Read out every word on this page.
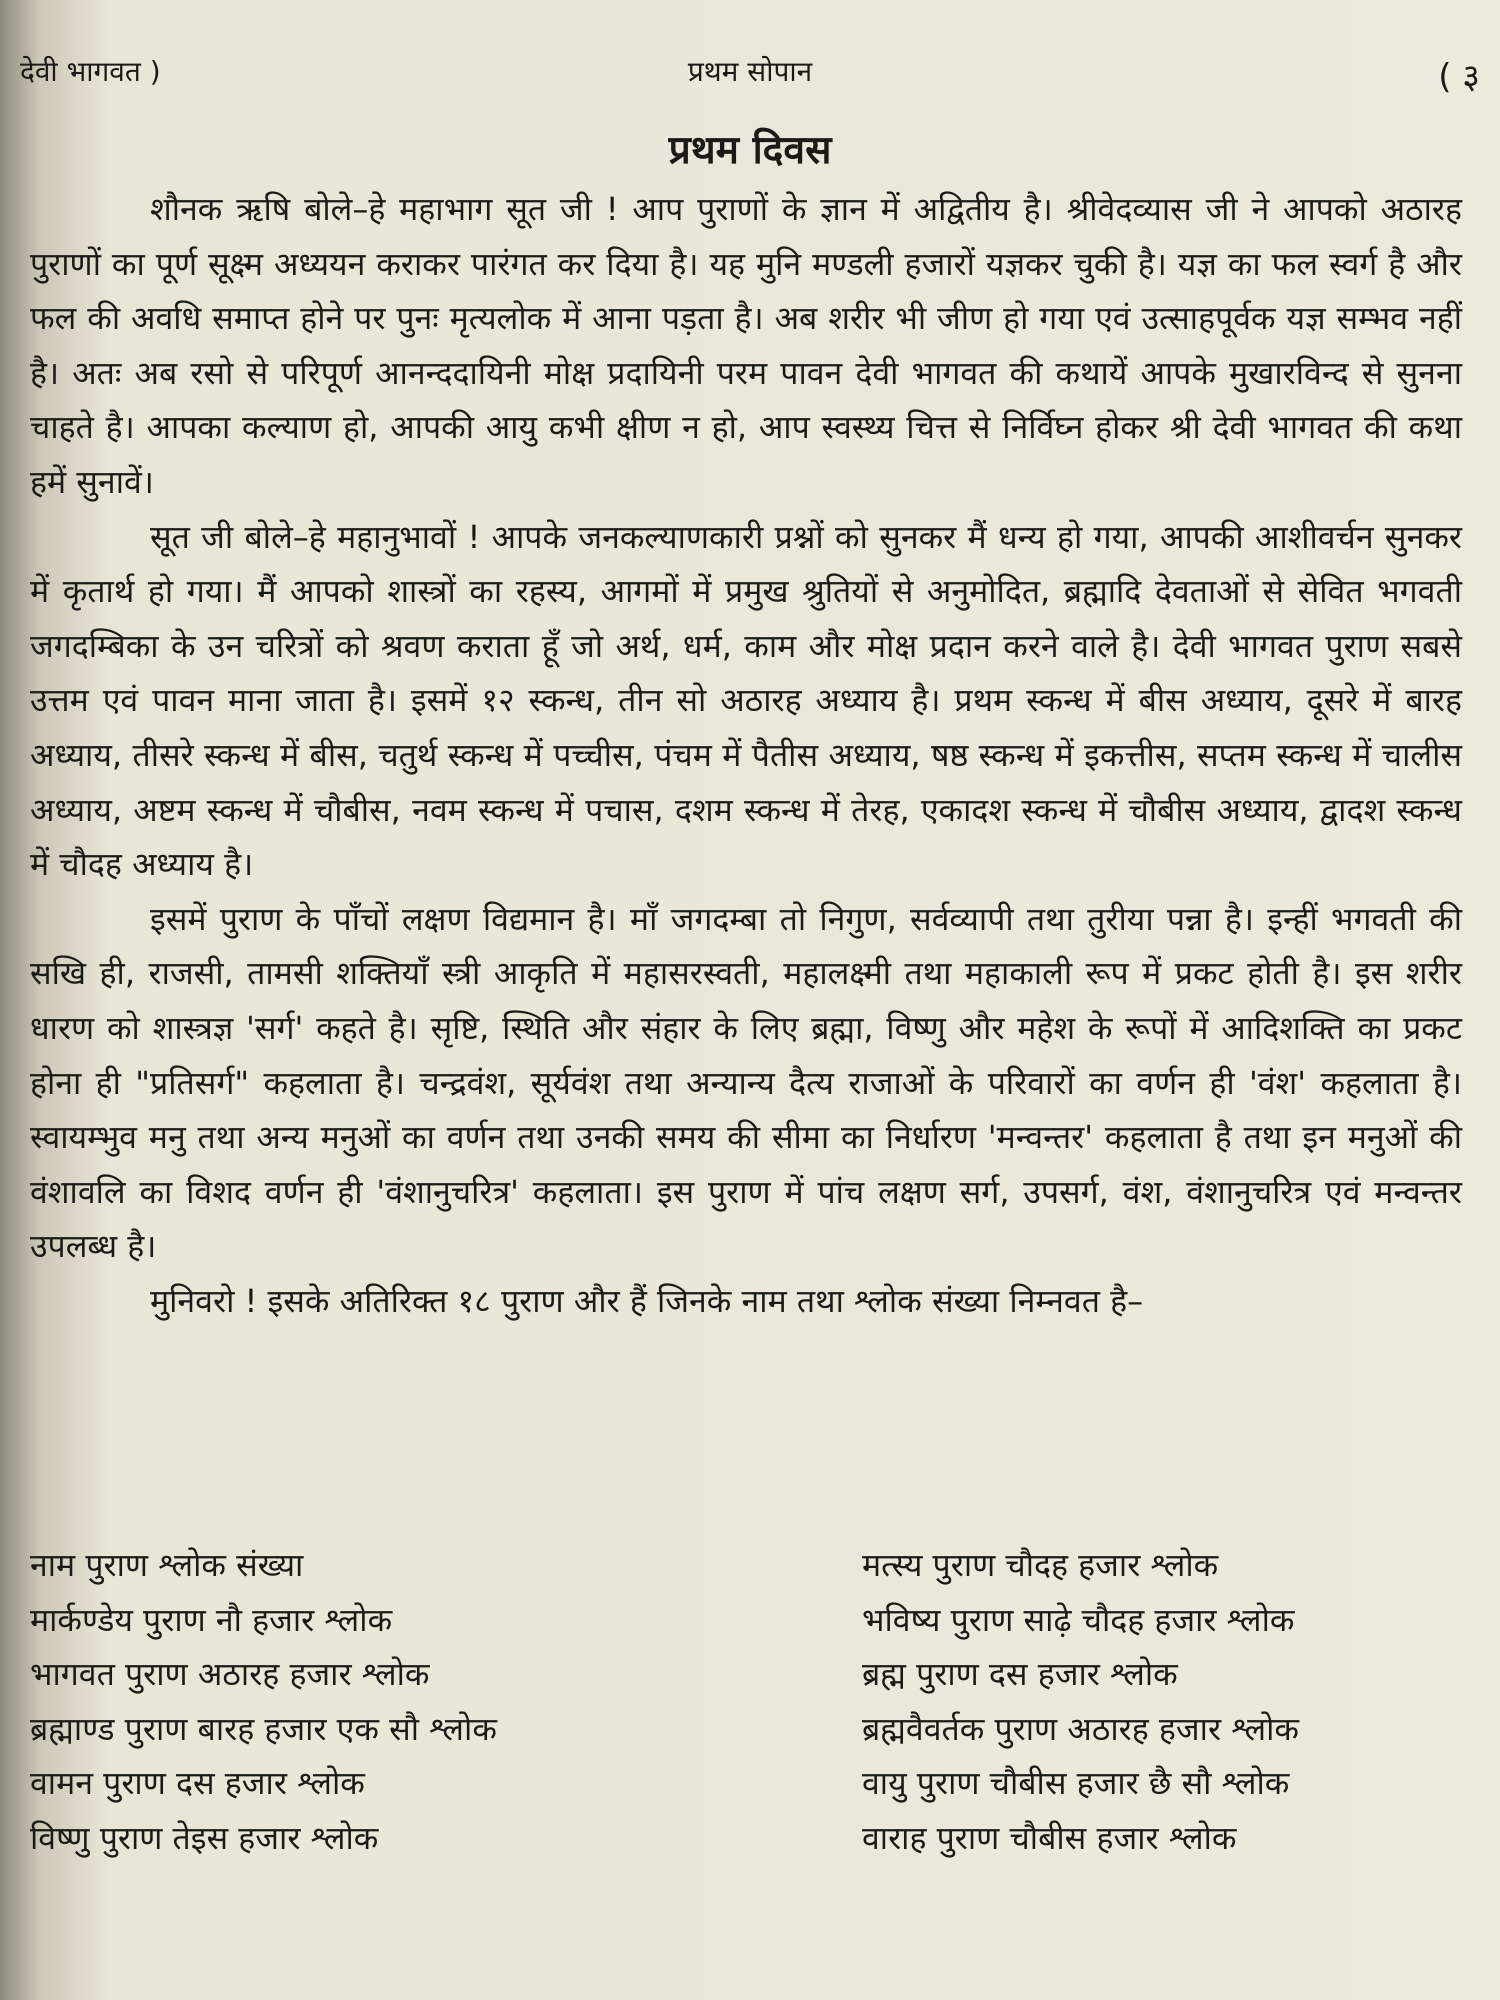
देवी भागवत )	प्रथम सोपान	( ३
प्रथम दिवस

शौनक ऋषि बोले–हे महाभाग सूत जी ! आप पुराणों के ज्ञान में अद्वितीय है। श्रीवेदव्यास जी ने आपको अठारह पुराणों का पूर्ण सूक्ष्म अध्ययन कराकर पारंगत कर दिया है। यह मुनि मण्डली हजारों यज्ञकर चुकी है। यज्ञ का फल स्वर्ग है और फल की अवधि समाप्त होने पर पुनः मृत्यलोक में आना पड़ता है। अब शरीर भी जीण हो गया एवं उत्साहपूर्वक यज्ञ सम्भव नहीं है। अतः अब रसो से परिपूर्ण आनन्ददायिनी मोक्ष प्रदायिनी परम पावन देवी भागवत की कथायें आपके मुखारविन्द से सुनना चाहते है। आपका कल्याण हो, आपकी आयु कभी क्षीण न हो, आप स्वस्थ्य चित्त से निर्विघ्न होकर श्री देवी भागवत की कथा हमें सुनावें।

सूत जी बोले–हे महानुभावों ! आपके जनकल्याणकारी प्रश्नों को सुनकर मैं धन्य हो गया, आपकी आशीवर्चन सुनकर में कृतार्थ हो गया। मैं आपको शास्त्रों का रहस्य, आगमों में प्रमुख श्रुतियों से अनुमोदित, ब्रह्मादि देवताओं से सेवित भगवती जगदम्बिका के उन चरित्रों को श्रवण कराता हूँ जो अर्थ, धर्म, काम और मोक्ष प्रदान करने वाले है। देवी भागवत पुराण सबसे उत्तम एवं पावन माना जाता है। इसमें १२ स्कन्ध, तीन सो अठारह अध्याय है। प्रथम स्कन्ध में बीस अध्याय, दूसरे में बारह अध्याय, तीसरे स्कन्ध में बीस, चतुर्थ स्कन्ध में पच्चीस, पंचम में पैतीस अध्याय, षष्ठ स्कन्ध में इकत्तीस, सप्तम स्कन्ध में चालीस अध्याय, अष्टम स्कन्ध में चौबीस, नवम स्कन्ध में पचास, दशम स्कन्ध में तेरह, एकादश स्कन्ध में चौबीस अध्याय, द्वादश स्कन्ध में चौदह अध्याय है।

इसमें पुराण के पाँचों लक्षण विद्यमान है। माँ जगदम्बा तो निगुण, सर्वव्यापी तथा तुरीया पन्ना है। इन्हीं भगवती की सखि ही, राजसी, तामसी शक्तियाँ स्त्री आकृति में महासरस्वती, महालक्ष्मी तथा महाकाली रूप में प्रकट होती है। इस शरीर धारण को शास्त्रज्ञ 'सर्ग' कहते है। सृष्टि, स्थिति और संहार के लिए ब्रह्मा, विष्णु और महेश के रूपों में आदिशक्ति का प्रकट होना ही "प्रतिसर्ग" कहलाता है। चन्द्रवंश, सूर्यवंश तथा अन्यान्य दैत्य राजाओं के परिवारों का वर्णन ही 'वंश' कहलाता है। स्वायम्भुव मनु तथा अन्य मनुओं का वर्णन तथा उनकी समय की सीमा का निर्धारण 'मन्वन्तर' कहलाता है तथा इन मनुओं की वंशावलि का विशद वर्णन ही 'वंशानुचरित्र' कहलाता। इस पुराण में पांच लक्षण सर्ग, उपसर्ग, वंश, वंशानुचरित्र एवं मन्वन्तर उपलब्ध है।

मुनिवरो ! इसके अतिरिक्त १८ पुराण और हैं जिनके नाम तथा श्लोक संख्या निम्नवत है–

नाम पुराण श्लोक संख्या	मत्स्य पुराण चौदह हजार श्लोक
मार्कण्डेय पुराण नौ हजार श्लोक	भविष्य पुराण साढ़े चौदह हजार श्लोक
भागवत पुराण अठारह हजार श्लोक	ब्रह्म पुराण दस हजार श्लोक
ब्रह्माण्ड पुराण बारह हजार एक सौ श्लोक	ब्रह्मवैवर्तक पुराण अठारह हजार श्लोक
वामन पुराण दस हजार श्लोक	वायु पुराण चौबीस हजार छै सौ श्लोक
विष्णु पुराण तेइस हजार श्लोक	वाराह पुराण चौबीस हजार श्लोक
